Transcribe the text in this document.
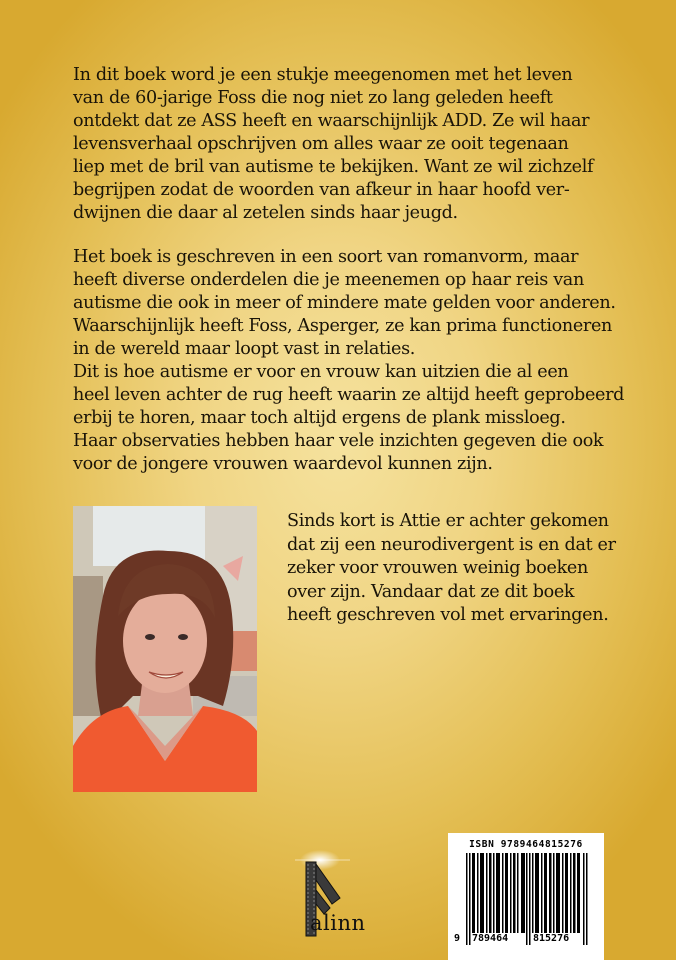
In dit boek word je een stukje meegenomen met het leven
van de 60-jarige Foss die nog niet zo lang geleden heeft
ontdekt dat ze ASS heeft en waarschijnlijk ADD. Ze wil haar
levensverhaal opschrijven om alles waar ze ooit tegenaan
liep met de bril van autisme te bekijken. Want ze wil zichzelf
begrijpen zodat de woorden van afkeur in haar hoofd ver-
dwijnen die daar al zetelen sinds haar jeugd.

Het boek is geschreven in een soort van romanvorm, maar
heeft diverse onderdelen die je meenemen op haar reis van
autisme die ook in meer of mindere mate gelden voor anderen.
Waarschijnlijk heeft Foss, Asperger, ze kan prima functioneren
in de wereld maar loopt vast in relaties.
Dit is hoe autisme er voor en vrouw kan uitzien die al een
heel leven achter de rug heeft waarin ze altijd heeft geprobeerd
erbij te horen, maar toch altijd ergens de plank missloeg.
Haar observaties hebben haar vele inzichten gegeven die ook
voor de jongere vrouwen waardevol kunnen zijn.

Sinds kort is Attie er achter gekomen
dat zij een neurodivergent is en dat er
zeker voor vrouwen weinig boeken
over zijn. Vandaar dat ze dit boek
heeft geschreven vol met ervaringen.

alinn
ISBN 9789464815276
9 789464 815276
